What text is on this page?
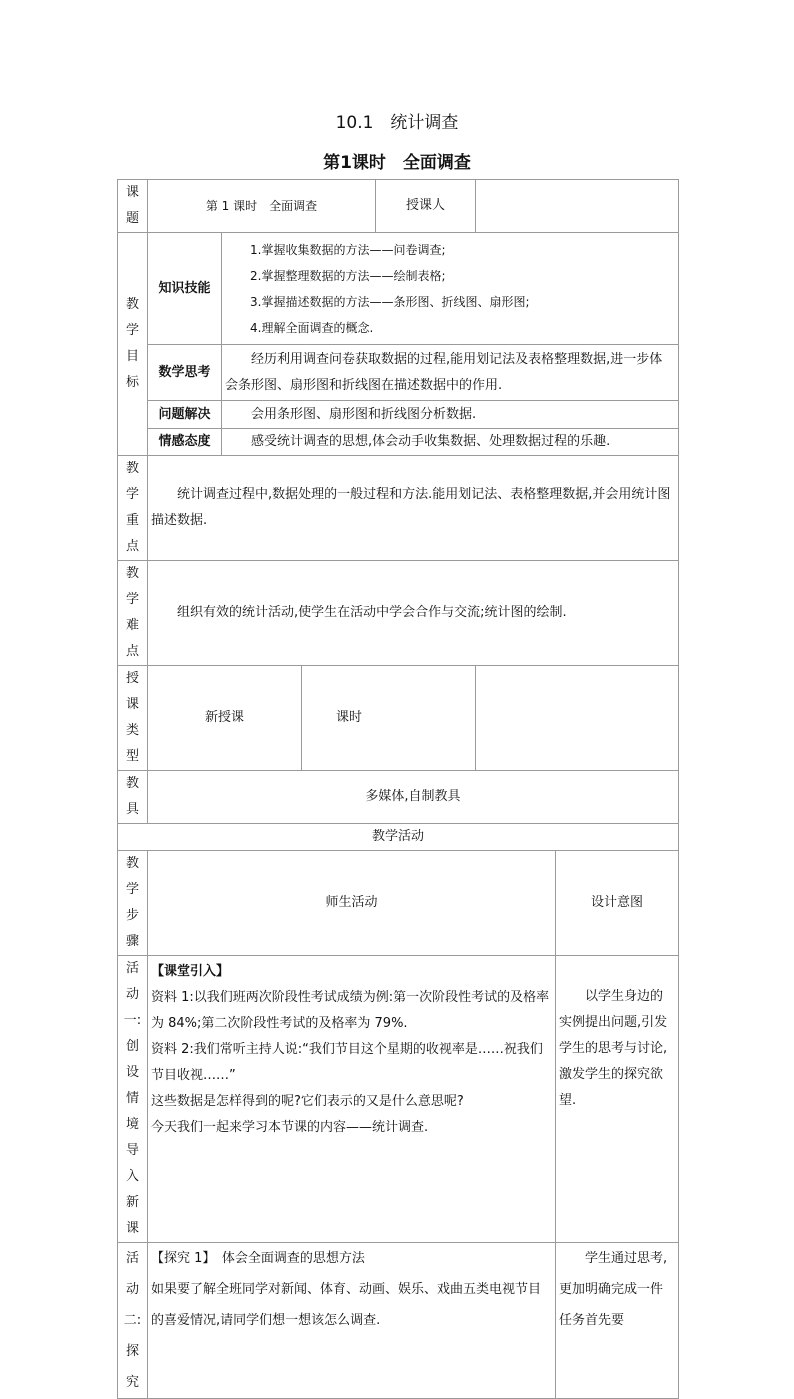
10.1　统计调查
第1课时　全面调查
课题	第 1 课时　全面调查			授课人		
教学目标	知识技能	1.掌握收集数据的方法——问卷调查;

2.掌握整理数据的方法——绘制表格;

3.掌握描述数据的方法——条形图、折线图、扇形图;

4.理解全面调查的概念.				

	数学思考	经历利用调查问卷获取数据的过程,能用划记法及表格整理数据,进一步体会条形图、扇形图和折线图在描述数据中的作用.				
	问题解决	会用条形图、扇形图和折线图分析数据.				
	情感态度	感受统计调查的思想,体会动手收集数据、处理数据过程的乐趣.				
教学重点	统计调查过程中,数据处理的一般过程和方法.能用划记法、表格整理数据,并会用统计图描述数据.					
教学难点	组织有效的统计活动,使学生在活动中学会合作与交流;统计图的绘制.					
授课类型	新授课		课时			
教具	多媒体,自制教具					
教学活动						
教学步骤	师生活动					设计意图
活动一:创设情境导入新课	【课堂引入】

资料 1:以我们班两次阶段性考试成绩为例:第一次阶段性考试的及格率为 84%;第二次阶段性考试的及格率为 79%.

资料 2:我们常听主持人说:“我们节目这个星期的收视率是……祝我们节目收视……”

这些数据是怎样得到的呢?它们表示的又是什么意思呢?

今天我们一起来学习本节课的内容——统计调查.					以学生身边的实例提出问题,引发学生的思考与讨论,激发学生的探究欲望.
活动二:探究	【探究 1】　体会全面调查的思想方法

如果要了解全班同学对新闻、体育、动画、娱乐、戏曲五类电视节目的喜爱情况,请同学们想一想该怎么调查.					学生通过思考,更加明确完成一件任务首先要
